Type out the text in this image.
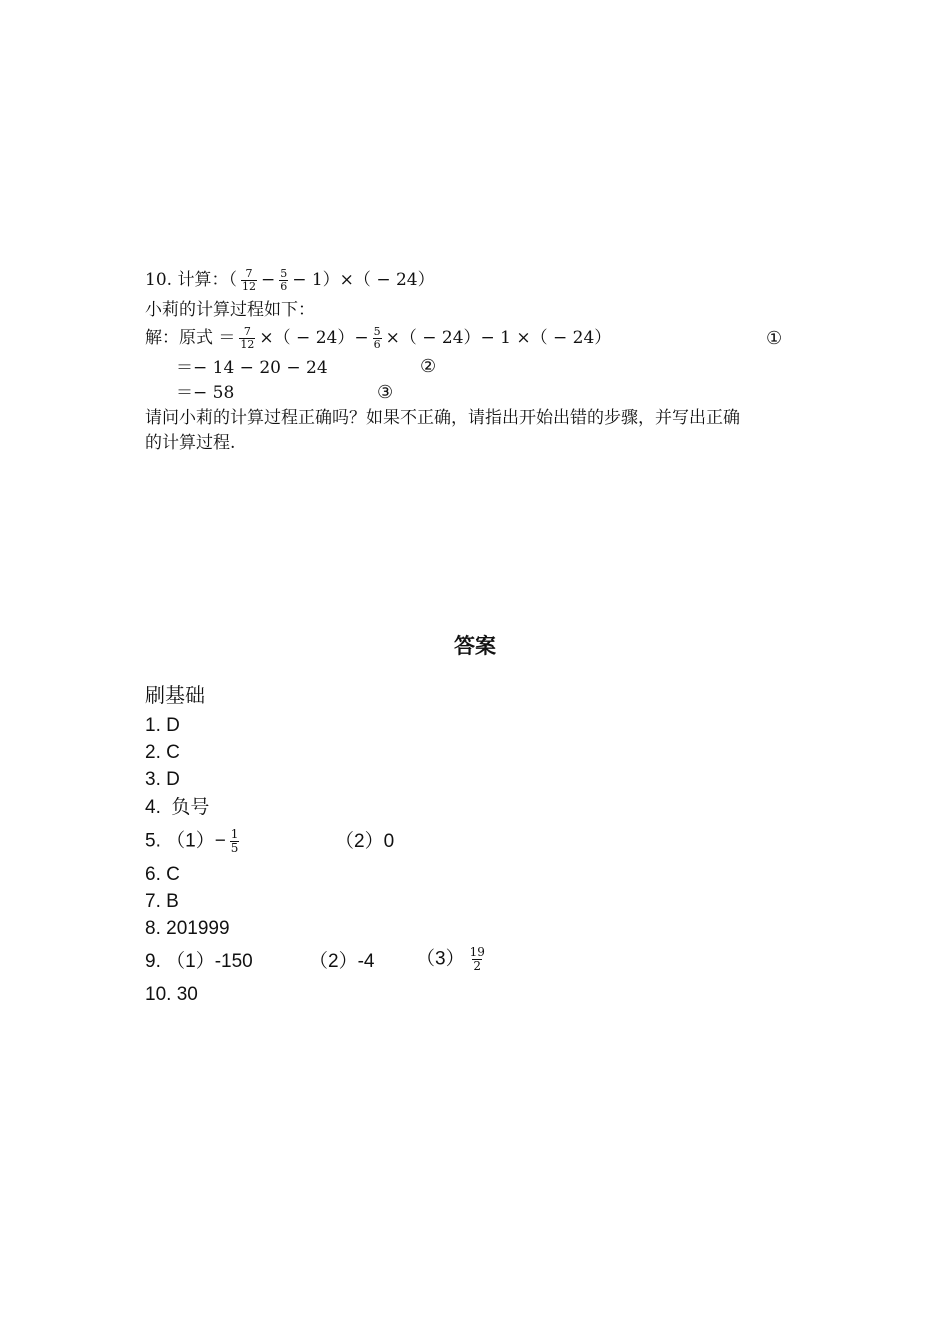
10. 计算：（ $\frac{7}{12} - \frac{5}{6} - 1)\times( - 24)$
小莉的计算过程如下：
解：原式 ＝ $\frac{7}{12}$ ×（ − $24)- \frac{5}{6}$ ×（ − 24）− 1 ×（ − 24）	①
＝− 14 − 20 − 24	②
＝− 58	③
请问小莉的计算过程正确吗？如果不正确，请指出开始出错的步骤，并写出正确
的计算过程.
答案
刷基础
1. D
2. C
3. D
4. 负号
5. $(1)- \frac{1}{5}$	（2）0
6. C
7. B
8. 201999
9. （1）-150	（2）-4 $(3) \frac{19}{2}$
10. 30
